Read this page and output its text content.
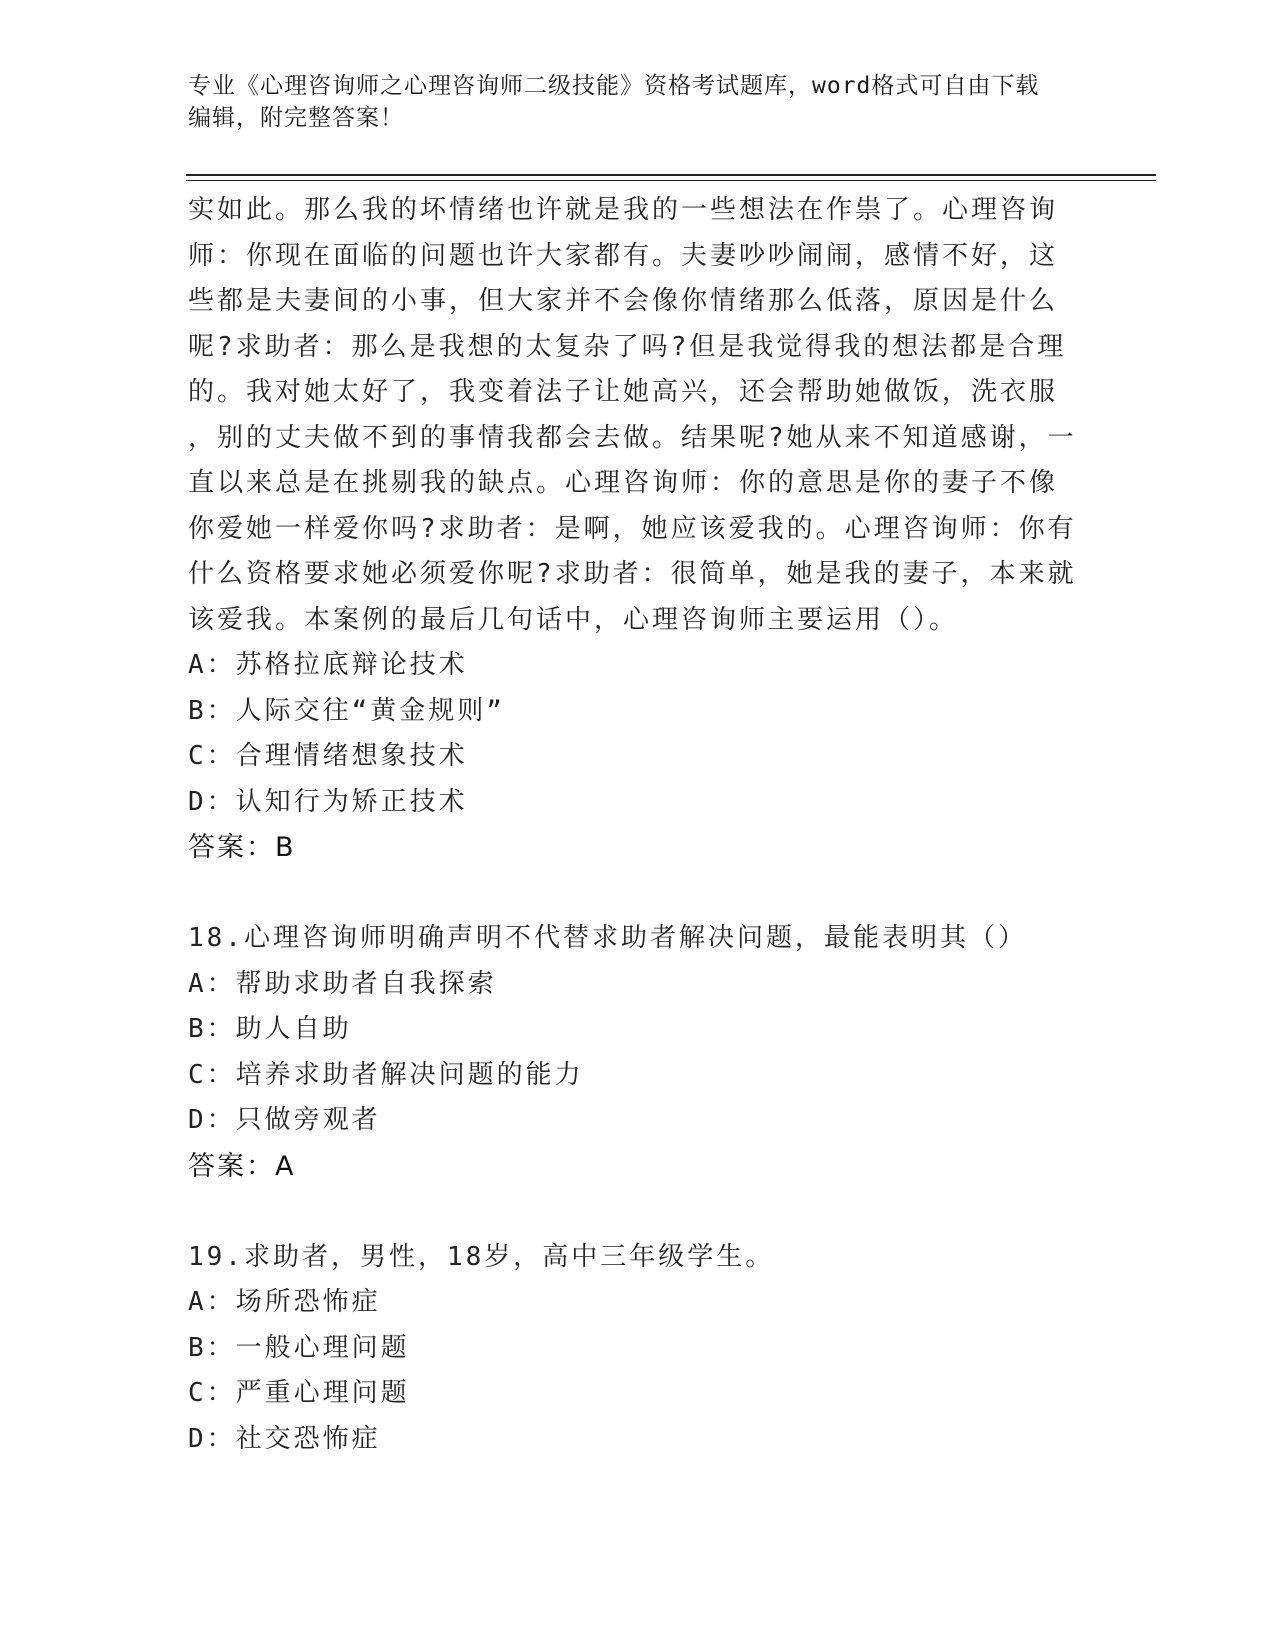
专业《心理咨询师之心理咨询师二级技能》资格考试题库，word格式可自由下载
编辑，附完整答案！
实如此。那么我的坏情绪也许就是我的一些想法在作祟了。心理咨询
师：你现在面临的问题也许大家都有。夫妻吵吵闹闹，感情不好，这
些都是夫妻间的小事，但大家并不会像你情绪那么低落，原因是什么
呢?求助者：那么是我想的太复杂了吗?但是我觉得我的想法都是合理
的。我对她太好了，我变着法子让她高兴，还会帮助她做饭，洗衣服
，别的丈夫做不到的事情我都会去做。结果呢?她从来不知道感谢，一
直以来总是在挑剔我的缺点。心理咨询师：你的意思是你的妻子不像
你爱她一样爱你吗?求助者：是啊，她应该爱我的。心理咨询师：你有
什么资格要求她必须爱你呢?求助者：很简单，她是我的妻子，本来就
该爱我。本案例的最后几句话中，心理咨询师主要运用（）。
A：苏格拉底辩论技术
B：人际交往“黄金规则”
C：合理情绪想象技术
D：认知行为矫正技术
答案：B
18.心理咨询师明确声明不代替求助者解决问题，最能表明其（）
A：帮助求助者自我探索
B：助人自助
C：培养求助者解决问题的能力
D：只做旁观者
答案：A
19.求助者，男性，18岁，高中三年级学生。
A：场所恐怖症
B：一般心理问题
C：严重心理问题
D：社交恐怖症
